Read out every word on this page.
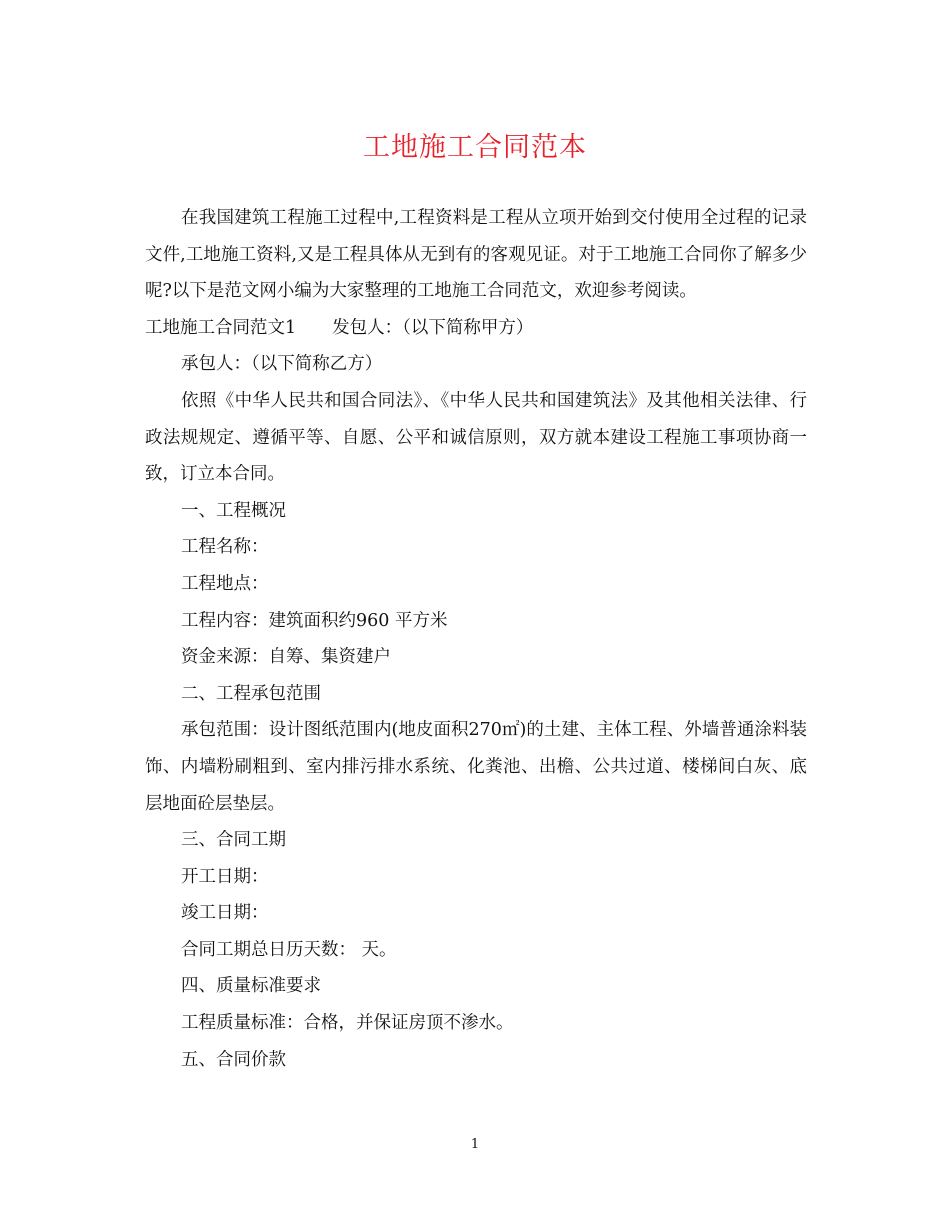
工地施工合同范本

在我国建筑工程施工过程中,工程资料是工程从立项开始到交付使用全过程的记录文件,工地施工资料,又是工程具体从无到有的客观见证。对于工地施工合同你了解多少呢?以下是范文网小编为大家整理的工地施工合同范文，欢迎参考阅读。

工地施工合同范文1 发包人：（以下简称甲方）

承包人：（以下简称乙方）

依照《中华人民共和国合同法》、《中华人民共和国建筑法》及其他相关法律、行政法规规定、遵循平等、自愿、公平和诚信原则，双方就本建设工程施工事项协商一致，订立本合同。

一、工程概况

工程名称：

工程地点：

工程内容：建筑面积约960 平方米

资金来源：自筹、集资建户

二、工程承包范围

承包范围：设计图纸范围内(地皮面积270㎡)的土建、主体工程、外墙普通涂料装饰、内墙粉刷粗到、室内排污排水系统、化粪池、出檐、公共过道、楼梯间白灰、底层地面砼层垫层。

三、合同工期

开工日期：

竣工日期：

合同工期总日历天数： 天。

四、质量标准要求

工程质量标准：合格，并保证房顶不渗水。

五、合同价款

1
